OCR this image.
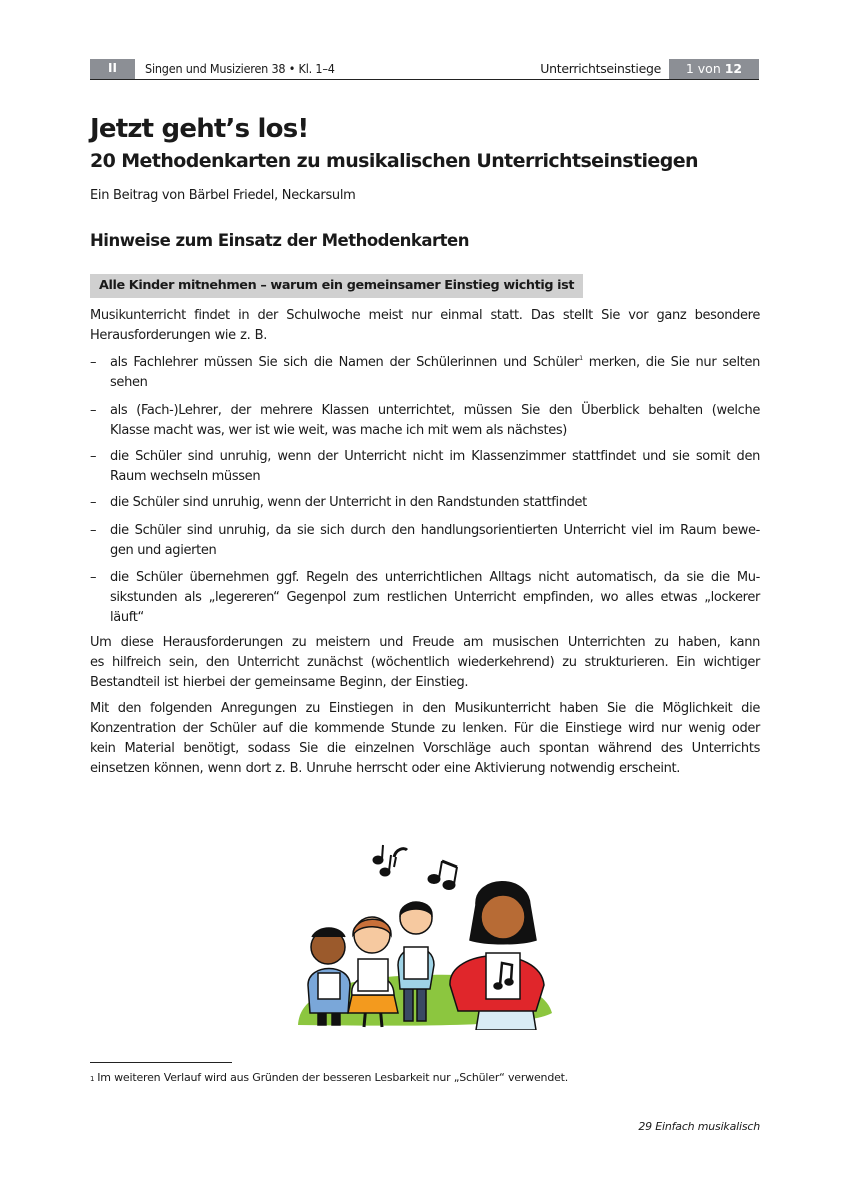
II	Singen und Musizieren 38 • Kl. 1–4	Unterrichtseinstiege	1 von 12
Jetzt geht’s los!
20 Methodenkarten zu musikalischen Unterrichtseinstiegen
Ein Beitrag von Bärbel Friedel, Neckarsulm
Hinweise zum Einsatz der Methodenkarten
Alle Kinder mitnehmen – warum ein gemeinsamer Einstieg wichtig ist
Musikunterricht findet in der Schulwoche meist nur einmal statt. Das stellt Sie vor ganz besondere
Herausforderungen wie z. B.
– als Fachlehrer müssen Sie sich die Namen der Schülerinnen und Schüler$^1$ merken, die Sie nur selten
sehen
– als (Fach-)Lehrer, der mehrere Klassen unterrichtet, müssen Sie den Überblick behalten (welche
Klasse macht was, wer ist wie weit, was mache ich mit wem als nächstes)
– die Schüler sind unruhig, wenn der Unterricht nicht im Klassenzimmer stattfindet und sie somit den
Raum wechseln müssen
– die Schüler sind unruhig, wenn der Unterricht in den Randstunden stattfindet
– die Schüler sind unruhig, da sie sich durch den handlungsorientierten Unterricht viel im Raum bewe-
gen und agierten
– die Schüler übernehmen ggf. Regeln des unterrichtlichen Alltags nicht automatisch, da sie die Mu-
sikstunden als „legereren“ Gegenpol zum restlichen Unterricht empfinden, wo alles etwas „lockerer
läuft“
Um diese Herausforderungen zu meistern und Freude am musischen Unterrichten zu haben, kann
es hilfreich sein, den Unterricht zunächst (wöchentlich wiederkehrend) zu strukturieren. Ein wichtiger
Bestandteil ist hierbei der gemeinsame Beginn, der Einstieg.
Mit den folgenden Anregungen zu Einstiegen in den Musikunterricht haben Sie die Möglichkeit die
Konzentration der Schüler auf die kommende Stunde zu lenken. Für die Einstiege wird nur wenig oder
kein Material benötigt, sodass Sie die einzelnen Vorschläge auch spontan während des Unterrichts
einsetzen können, wenn dort z. B. Unruhe herrscht oder eine Aktivierung notwendig erscheint.
$^1$ Im weiteren Verlauf wird aus Gründen der besseren Lesbarkeit nur „Schüler“ verwendet.
29 Einfach musikalisch
